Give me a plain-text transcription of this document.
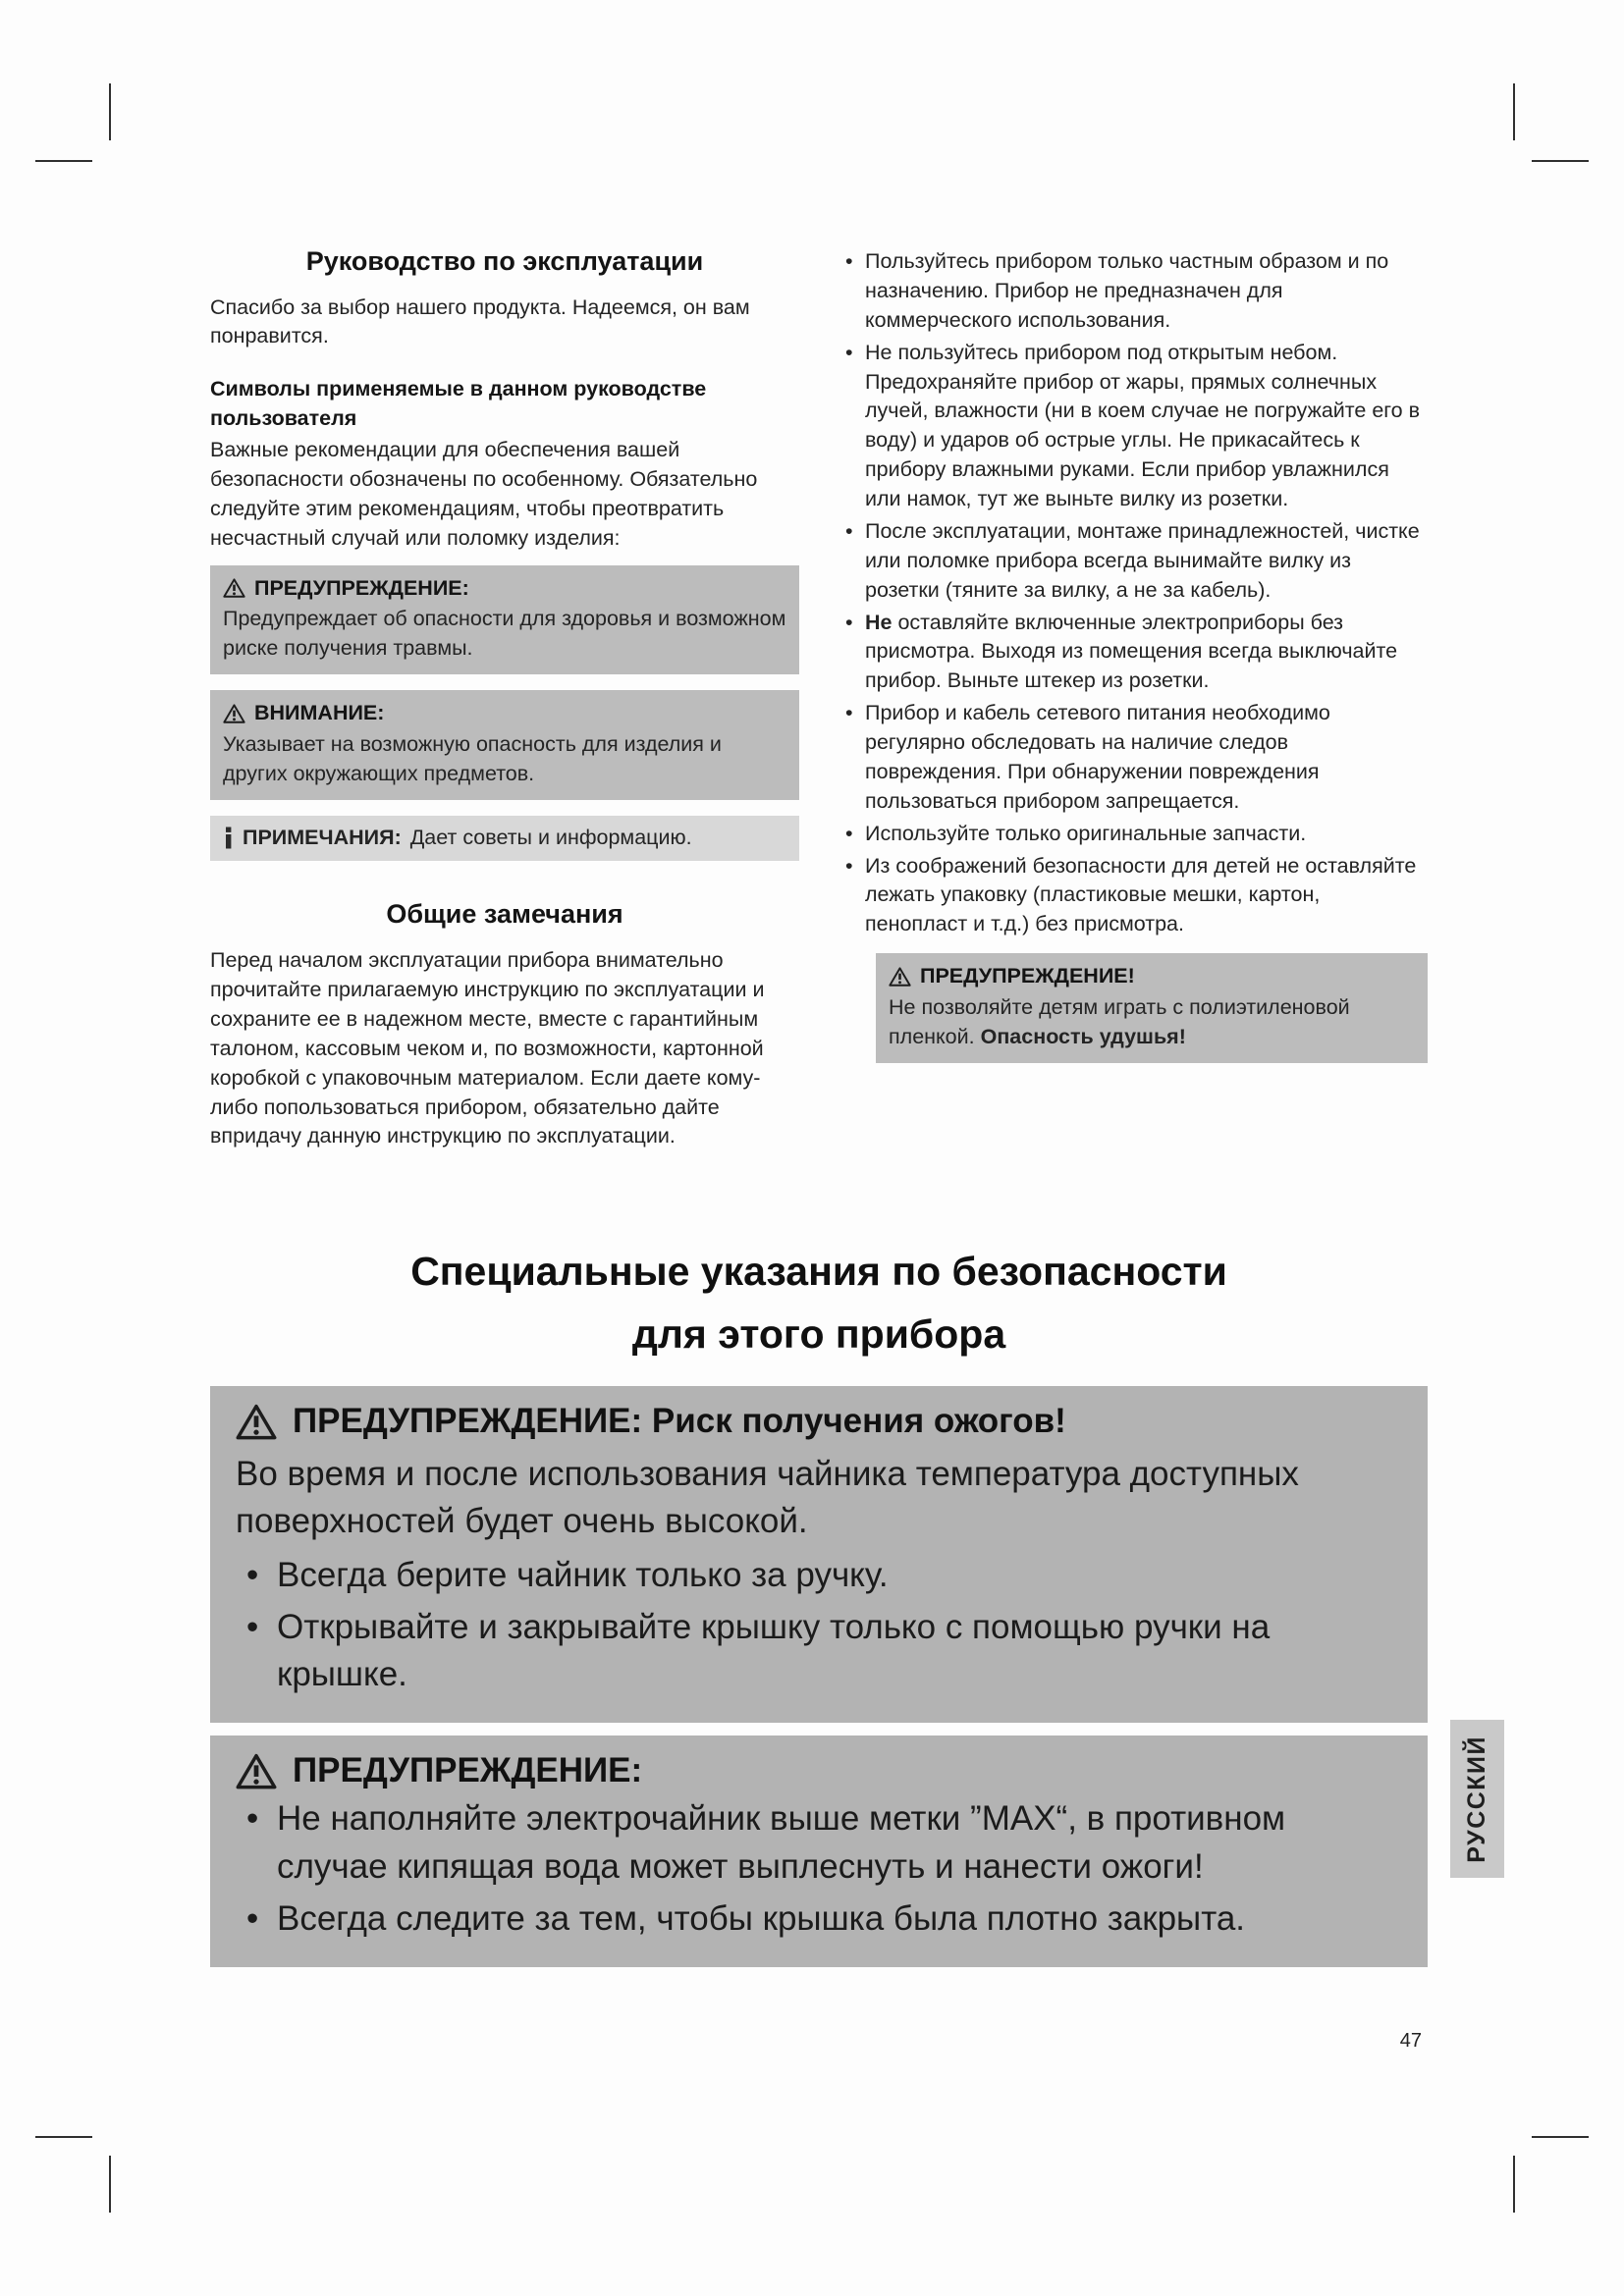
Руководство по эксплуатации

Спасибо за выбор нашего продукта. Надеемся, он вам понравится.

Символы применяемые в данном руководстве пользователя

Важные рекомендации для обеспечения вашей безопасности обозначены по особенному. Обязательно следуйте этим рекомендациям, чтобы преотвратить несчастный случай или поломку изделия:

ПРЕДУПРЕЖДЕНИЕ:
Предупреждает об опасности для здоровья и возможном риске получения травмы.
ВНИМАНИЕ:
Указывает на возможную опасность для изделия и других окружающих предметов.
ПРИМЕЧАНИЯ: Дает советы и информацию.
Общие замечания

Перед началом эксплуатации прибора внимательно прочитайте прилагаемую инструкцию по эксплуатации и сохраните ее в надежном месте, вместе с гарантийным талоном, кассовым чеком и, по возможности, картонной коробкой с упаковочным материалом. Если даете кому-либо попользоваться прибором, обязательно дайте впридачу данную инструкцию по эксплуатации.

• Пользуйтесь прибором только частным образом и по назначению. Прибор не предназначен для коммерческого использования.
• Не пользуйтесь прибором под открытым небом. Предохраняйте прибор от жары, прямых солнечных лучей, влажности (ни в коем случае не погружайте его в воду) и ударов об острые углы. Не прикасайтесь к прибору влажными руками. Если прибор увлажнился или намок, тут же выньте вилку из розетки.
• После эксплуатации, монтаже принадлежностей, чистке или поломке прибора всегда вынимайте вилку из розетки (тяните за вилку, а не за кабель).
• Не оставляйте включенные электроприборы без присмотра. Выходя из помещения всегда выключайте прибор. Выньте штекер из розетки.
• Прибор и кабель сетевого питания необходимо регулярно обследовать на наличие следов повреждения. При обнаружении повреждения пользоваться прибором запрещается.
• Используйте только оригинальные запчасти.
• Из соображений безопасности для детей не оставляйте лежать упаковку (пластиковые мешки, картон, пенопласт и т.д.) без присмотра.
ПРЕДУПРЕЖДЕНИЕ!
Не позволяйте детям играть с полиэтиленовой пленкой. Опасность удушья!
Специальные указания по безопасности
для этого прибора
ПРЕДУПРЕЖДЕНИЕ: Риск получения ожогов!

Во время и после использования чайника температура доступных поверхностей будет очень высокой.

• Всегда берите чайник только за ручку.
• Открывайте и закрывайте крышку только с помощью ручки на крышке.
ПРЕДУПРЕЖДЕНИЕ:
• Не наполняйте электрочайник выше метки ”MAX“, в противном случае кипящая вода может выплеснуть и нанести ожоги!
• Всегда следите за тем, чтобы крышка была плотно закрыта.
РУССКИЙ
47
